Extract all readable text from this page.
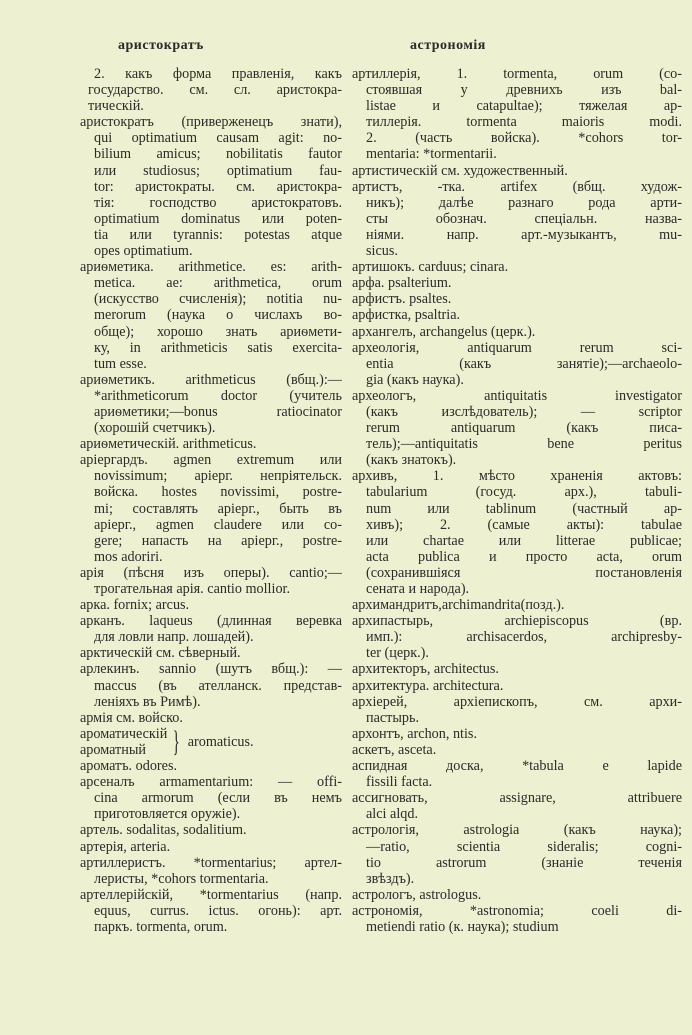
аристократъ	астрономія
2. какъ форма правленія, какъ
государство. см. сл. аристокра-
тическій.
аристократъ (приверженецъ знати),
qui optimatium causam agit: no-
bilium amicus; nobilitatis fautor
или studiosus; optimatium fau-
tor: аристократы. см. аристокра-
тія: господство аристократовъ.
optimatium dominatus или poten-
tia или tyrannis: potestas atque
opes optimatium.
ариѳметика. arithmetice. es: arith-
metica. ae: arithmetica, orum
(искусство счисленія); notitia nu-
merorum (наука о числахъ во-
обще); хорошо знать ариѳмети-
ку, in arithmeticis satis exercita-
tum esse.
ариѳметикъ. arithmeticus (вбщ.):—
*arithmeticorum doctor (учитель
ариѳметики;—bonus ratiocinator
(хорошій счетчикъ).
ариѳметическій. arithmeticus.
аріергардъ. agmen extremum или
novissimum; аріерг. непріятельск.
войска. hostes novissimi, postre-
mi; составлять аріерг., быть въ
аріерг., agmen claudere или co-
gere; напасть на аріерг., postre-
mos adoriri.
арія (пѣсня изъ оперы). cantio;—
трогательная арія. cantio mollior.
арка. fornix; arcus.
арканъ. laqueus (длинная веревка
для ловли напр. лошадей).
арктическій см. сѣверный.
арлекинъ. sannio (шутъ вбщ.): —
maccus (въ ателланск. представ-
леніяхъ въ Римѣ).
армія см. войско.
ароматическій
ароматный } aromaticus.
ароматъ. odores.
арсеналъ armamentarium: — offi-
cina armorum (если въ немъ
приготовляется оружіе).
артель. sodalitas, sodalitium.
артерія, arteria.
артиллеристъ. *tormentarius; артел-
леристы, *cohors tormentaria.
артеллерійскій, *tormentarius (напр.
equus, currus. ictus. огонь): арт.
паркъ. tormenta, orum.
артиллерія, 1. tormenta, orum (co-
стоявшая у древнихъ изъ bal-
listae и catapultae); тяжелая ар-
тиллерія. tormenta maioris modi.
2. (часть войска). *cohors tor-
mentaria: *tormentarii.
артистическій см. художественный.
артистъ, -тка. artifex (вбщ. худож-
никъ); далѣе разнаго рода арти-
сты обознач. спеціальн. назва-
ніями. напр. арт.-музыкантъ, mu-
sicus.
артишокъ. carduus; cinara.
арфа. psalterium.
арфистъ. psaltes.
арфистка, psaltria.
архангелъ, archangelus (церк.).
археологія, antiquarum rerum sci-
entia (какъ занятіе);—archaeolo-
gia (какъ наука).
археологъ, antiquitatis investigator
(какъ изслѣдователь); — scriptor
rerum antiquarum (какъ писа-
тель);—antiquitatis bene peritus
(какъ знатокъ).
архивъ, 1. мѣсто храненія актовъ:
tabularium (госуд. арх.), tabuli-
num или tablinum (частный ар-
хивъ); 2. (самые акты): tabulae
или chartae или litterae publicae;
acta publica и просто acta, orum
(сохранившіяся постановленія
сената и народа).
архимандритъ,archimandrita(позд.).
архипастырь, archiepiscopus (вр.
имп.): archisacerdos, archipresby-
ter (церк.).
архитекторъ, architectus.
архитектура. architectura.
архіерей, архіепископъ, см. архи-
пастырь.
архонтъ, archon, ntis.
аскетъ, asceta.
аспидная доска, *tabula e lapide
fissili facta.
ассигновать, assignare, attribuere
alci alqd.
астрологія, astrologia (какъ наука);
—ratio, scientia sideralis; cogni-
tio astrorum (знаніе теченія
звѣздъ).
астрологъ, astrologus.
астрономія, *astronomia; coeli di-
metiendi ratio (к. наука); studium
